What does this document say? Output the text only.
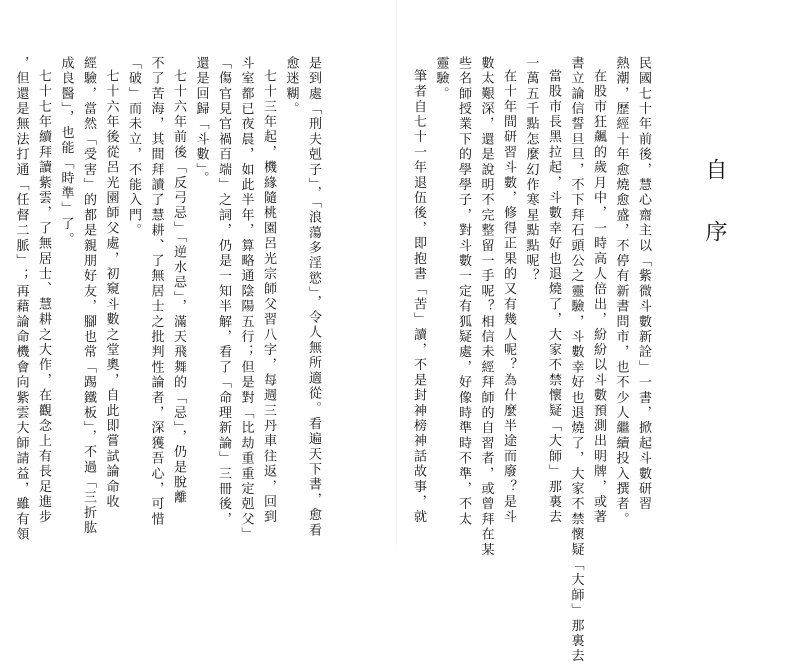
自序
民國七十年前後，慧心齋主以「紫微斗數新詮」一書，掀起斗數研習
熱潮，歷經十年愈燒愈盛，不停有新書問市，也不少人繼續投入撰者。
在股市狂飆的歲月中，一時高人倍出，紛紛以斗數預測出明牌，或著
書立論信誓旦旦，不下拜石頭公之靈驗，斗數幸好也退燒了，大家不禁懷疑「大師」那裏去
當股市長黑拉起，斗數幸好也退燒了，大家不禁懷疑「大師」那裏去
一萬五千點怎麼幻作寒星點點呢？
在十年間研習斗數，修得正果的又有幾人呢？為什麼半途而廢？是斗
數太艱深，還是說明不完整留一手呢？相信未經拜師的自習者，或曾拜在某
些名師授業下的學學子，對斗數一定有狐疑處，好像時準時不準，不太
靈驗。
筆者自七十一年退伍後，即抱書「苦」讀，不是封神榜神話故事，就
是到處「刑夫剋子」，「浪蕩多淫慾」，令人無所適從。看遍天下書，愈看
愈迷糊。
七十三年起，機緣隨桃園呂光宗師父習八字，每週三丹車往返，回到
斗室都已夜晨，如此半年，算略通陰陽五行；但是對「比劫重重定剋父」
「傷官見官禍百端」之詞，仍是一知半解，看了「命理新論」三冊後，
還是回歸「斗數」。
七十六年前後「反弓忌」「逆水忌」，滿天飛舞的「忌」，仍是脫離
不了苦海，其間拜讀了慧耕、了無居士之批判性論者，深獲吾心，可惜
「破」而未立，不能入門。
七十六年後從呂光園師父處，初窺斗數之堂奧，自此即嘗試論命收
經驗，當然「受害」的都是親朋好友，腳也常「踢鐵板」，不過「三折肱
成良醫」，也能「時準」了。
七十七年續拜讀紫雲，了無居士、慧耕之大作，在觀念上有長足進步
，但還是無法打通「任督二脈」；再藉論命機會向紫雲大師請益，雖有領
